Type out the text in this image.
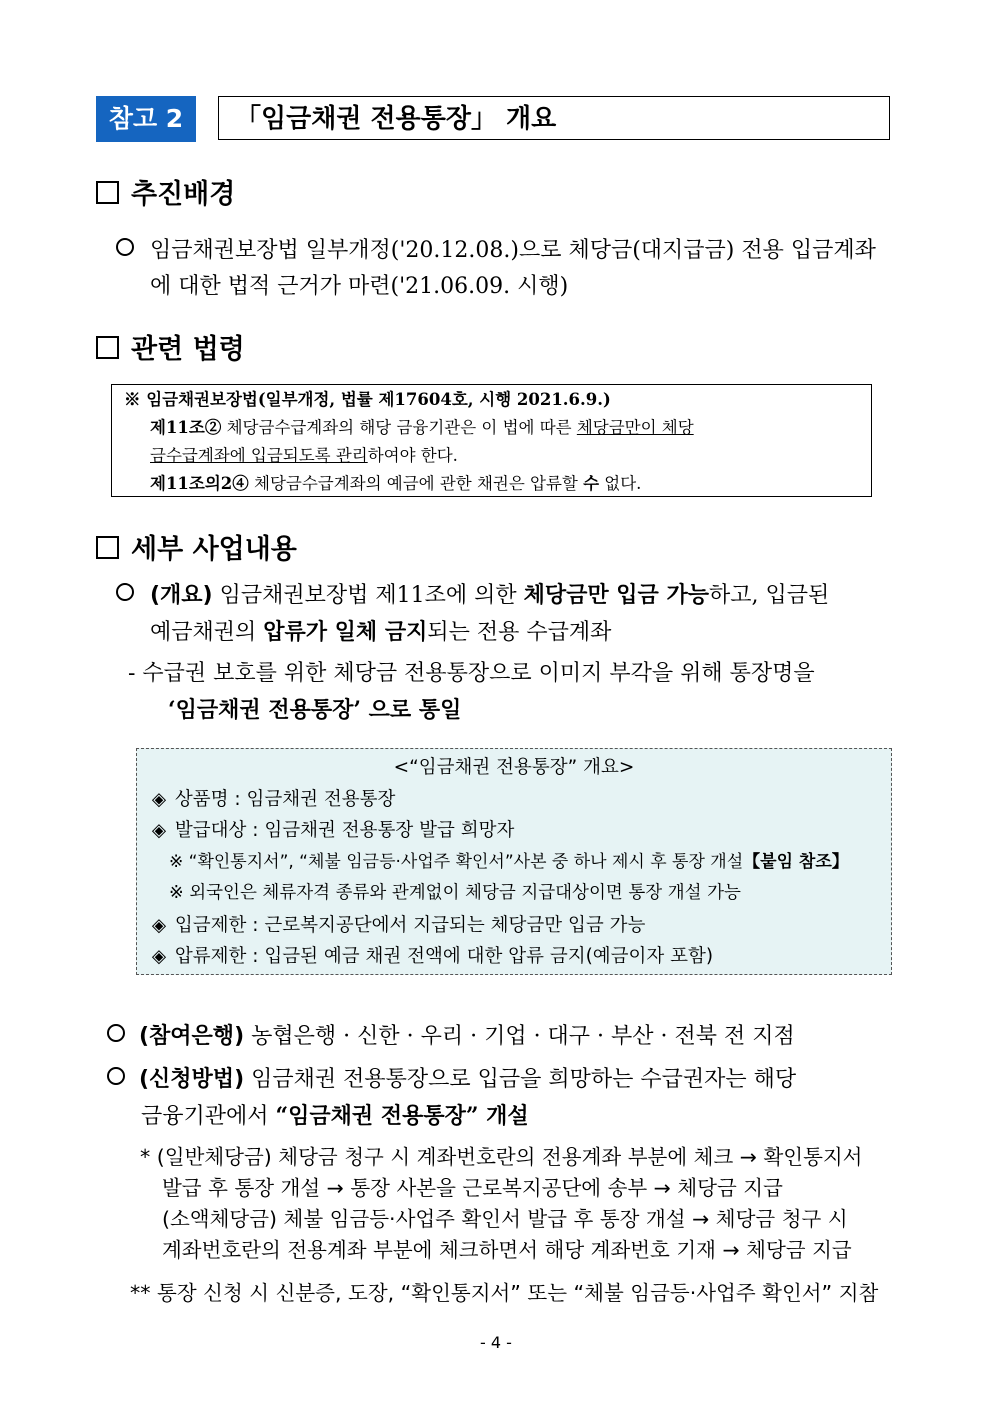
참고 2	「임금채권 전용통장」 개요
추진배경
임금채권보장법 일부개정('20.12.08.)으로 체당금(대지급금) 전용 입금계좌
에 대한 법적 근거가 마련('21.06.09. 시행)
관련 법령
※ 임금채권보장법(일부개정, 법률 제17604호, 시행 2021.6.9.)
제11조② 체당금수급계좌의 해당 금융기관은 이 법에 따른 체당금만이 체당
금수급계좌에 입금되도록 관리하여야 한다.
제11조의2④ 체당금수급계좌의 예금에 관한 채권은 압류할 수 없다.
세부 사업내용
(개요) 임금채권보장법 제11조에 의한 체당금만 입금 가능하고, 입금된
예금채권의 압류가 일체 금지되는 전용 수급계좌
- 수급권 보호를 위한 체당금 전용통장으로 이미지 부각을 위해 통장명을
‘임금채권 전용통장’ 으로 통일
<“임금채권 전용통장” 개요>
◈ 상품명 : 임금채권 전용통장
◈ 발급대상 : 임금채권 전용통장 발급 희망자
※ “확인통지서”, “체불 임금등·사업주 확인서”사본 중 하나 제시 후 통장 개설【붙임 참조】
※ 외국인은 체류자격 종류와 관계없이 체당금 지급대상이면 통장 개설 가능
◈ 입금제한 : 근로복지공단에서 지급되는 체당금만 입금 가능
◈ 압류제한 : 입금된 예금 채권 전액에 대한 압류 금지(예금이자 포함)
(참여은행) 농협은행 · 신한 · 우리 · 기업 · 대구 · 부산 · 전북 전 지점
(신청방법) 임금채권 전용통장으로 입금을 희망하는 수급권자는 해당
금융기관에서 “임금채권 전용통장” 개설
* (일반체당금) 체당금 청구 시 계좌번호란의 전용계좌 부분에 체크 → 확인통지서
발급 후 통장 개설 → 통장 사본을 근로복지공단에 송부 → 체당금 지급
(소액체당금) 체불 임금등·사업주 확인서 발급 후 통장 개설 → 체당금 청구 시
계좌번호란의 전용계좌 부분에 체크하면서 해당 계좌번호 기재 → 체당금 지급
** 통장 신청 시 신분증, 도장, “확인통지서” 또는 “체불 임금등·사업주 확인서” 지참
- 4 -
